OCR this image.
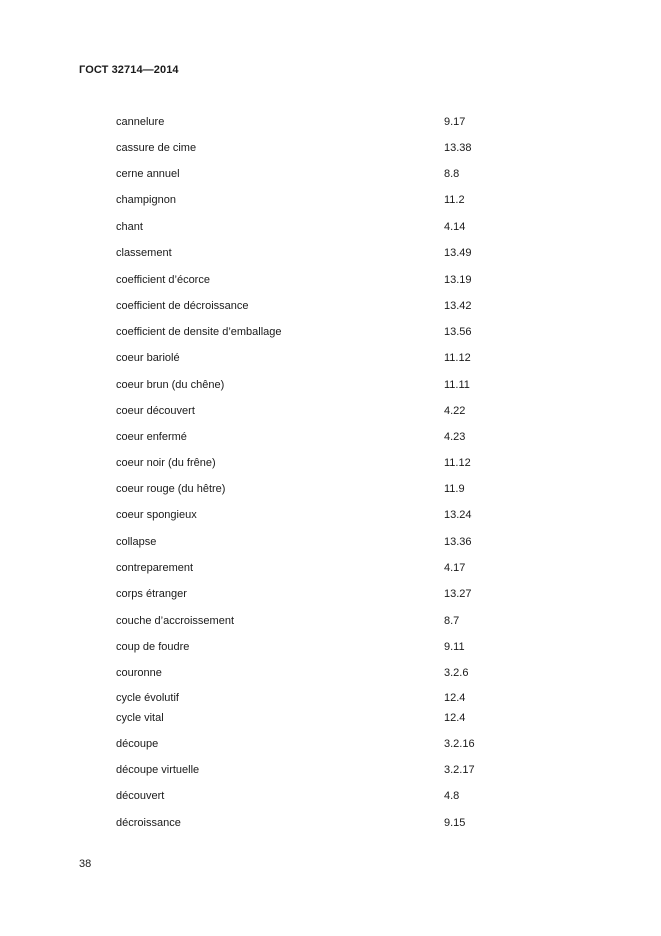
ГОСТ 32714—2014
cannelure	9.17
cassure de cime	13.38
cerne annuel	8.8
champignon	11.2
chant	4.14
classement	13.49
coefficient d’écorce	13.19
coefficient de décroissance	13.42
coefficient de densite d’emballage	13.56
coeur bariolé	11.12
coeur brun (du chêne)	11.11
coeur découvert	4.22
coeur enfermé	4.23
coeur noir (du frêne)	11.12
coeur rouge (du hêtre)	11.9
coeur spongieux	13.24
collapse	13.36
contreparement	4.17
corps étranger	13.27
couche d’accroissement	8.7
coup de foudre	9.11
couronne	3.2.6
cycle évolutif	12.4
cycle vital	12.4
découpe	3.2.16
découpe virtuelle	3.2.17
découvert	4.8
décroissance	9.15
38
